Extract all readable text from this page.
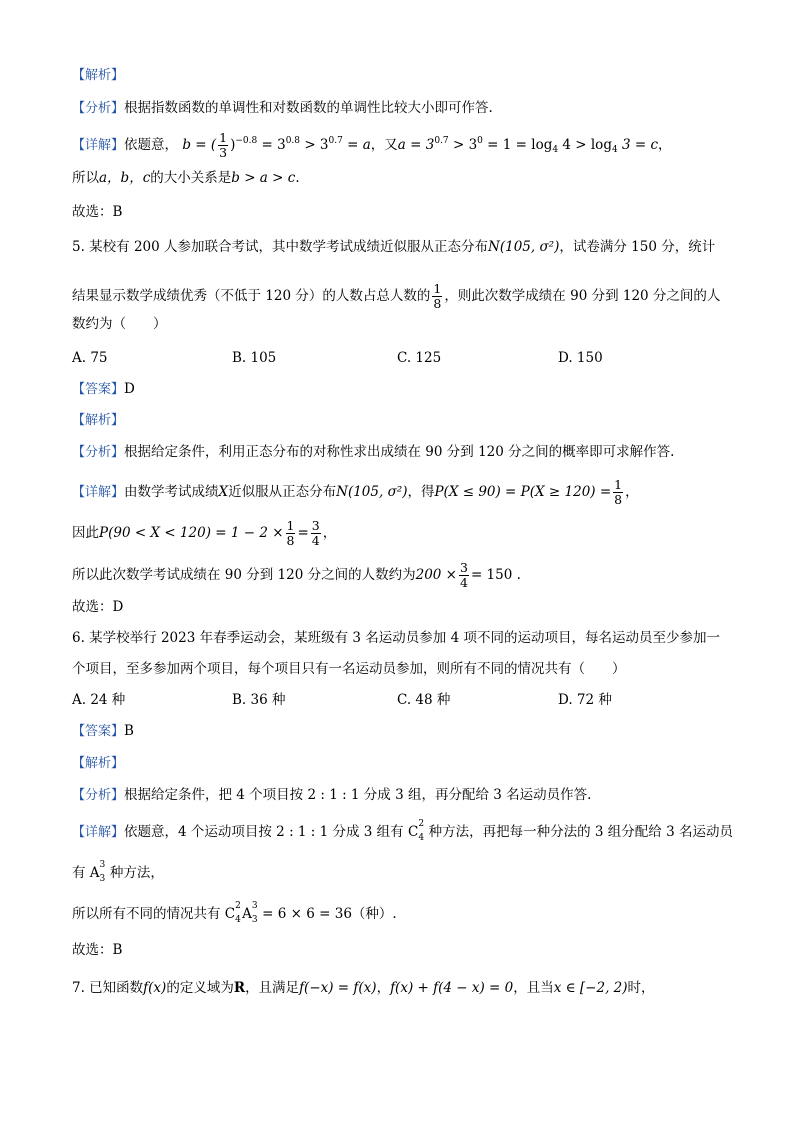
【解析】
【分析】根据指数函数的单调性和对数函数的单调性比较大小即可作答.
【详解】依题意， b = ( $\frac{1}{3} )^{-0.8} = 3^{0.8} > 3^{0.7} = a$，又$a = 3^{0.7} > 3^0 = 1 = \log_4 4 > \log_4 3 = c$，
所以a，b，c的大小关系是b > a > c.
故选：B
5. 某校有 200 人参加联合考试，其中数学考试成绩近似服从正态分布N(105, σ²)，试卷满分 150 分，统计
结果显示数学成绩优秀（不低于 120 分）的人数占总人数的 $\frac{1}{8}$ ，则此次数学成绩在 90 分到 120 分之间的人
数约为（　　）
A. 75	B. 105	C. 125	D. 150
【答案】D
【解析】
【分析】根据给定条件，利用正态分布的对称性求出成绩在 90 分到 120 分之间的概率即可求解作答.
【详解】由数学考试成绩X近似服从正态分布N(105, σ²)，得$P(X \le 90) = P(X \ge 120) = \frac{1}{8}$ ，
因此$P(90 < X < 120) = 1 - 2 \times \frac{1}{8} = \frac{3}{4}$ ，
所以此次数学考试成绩在 90 分到 120 分之间的人数约为$200 \times \frac{3}{4} = 150$ .
故选：D
6. 某学校举行 2023 年春季运动会，某班级有 3 名运动员参加 4 项不同的运动项目，每名运动员至少参加一
个项目，至多参加两个项目，每个项目只有一名运动员参加，则所有不同的情况共有（　　）
A. 24 种	B. 36 种	C. 48 种	D. 72 种
【答案】B
【解析】
【分析】根据给定条件，把 4 个项目按 2 : 1 : 1 分成 3 组，再分配给 3 名运动员作答.
【详解】依题意，4 个运动项目按 2 : 1 : 1 分成 3 组有 C 2
4 种方法，再把每一种分法的 3 组分配给 3 名运动员
有 A 3
3 种方法，
所以所有不同的情况共有 C 2
4 A 3
3 = 6 × 6 = 36（种）.
故选：B
7. 已知函数f(x)的定义域为R，且满足f(−x) = f(x)，f(x) + f(4 − x) = 0，且当x ∈ [−2, 2)时，
